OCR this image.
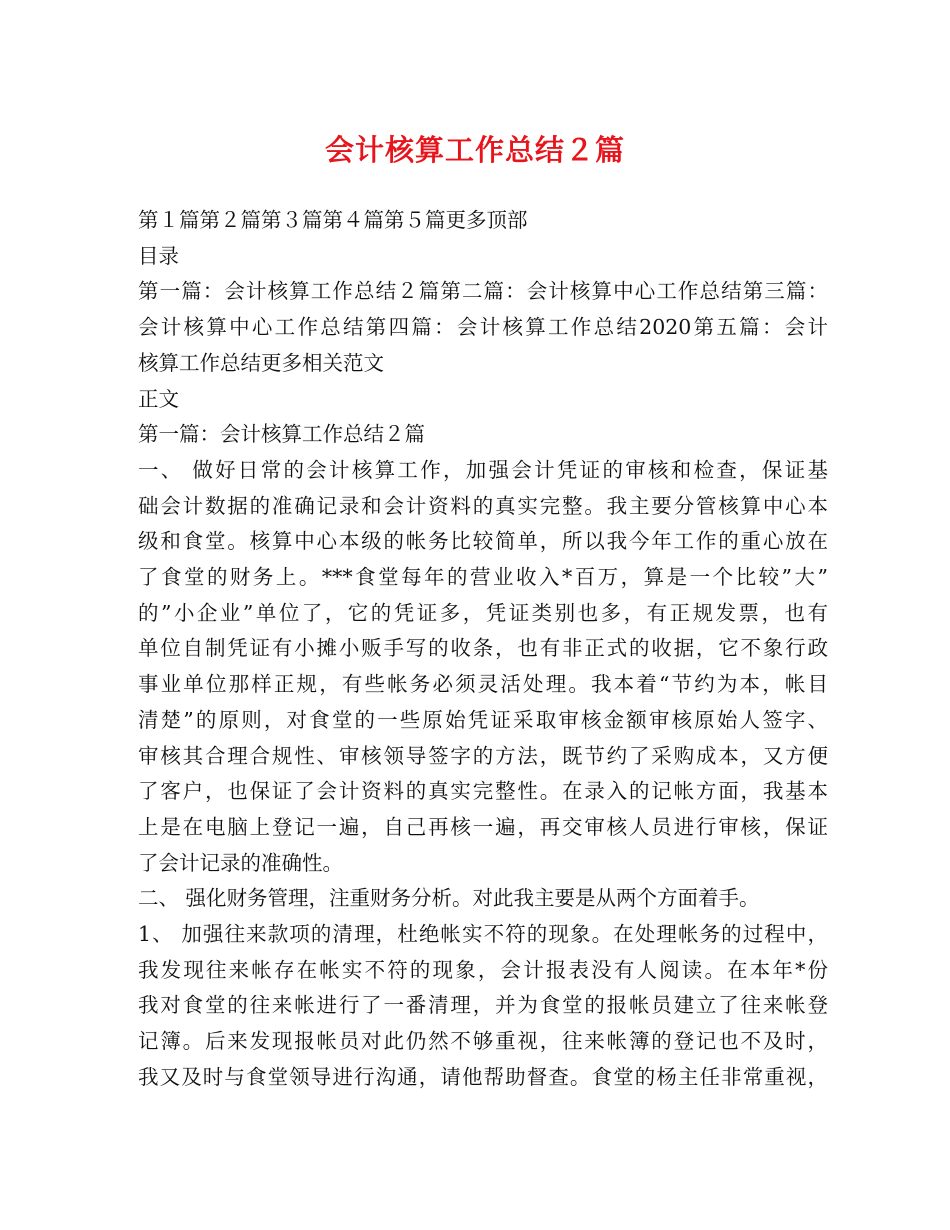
会计核算工作总结２篇
第１篇第２篇第３篇第４篇第５篇更多顶部
目录
第一篇：会计核算工作总结２篇第二篇：会计核算中心工作总结第三篇：
会计核算中心工作总结第四篇：会计核算工作总结2020第五篇：会计
核算工作总结更多相关范文
正文
第一篇：会计核算工作总结２篇
一、 做好日常的会计核算工作，加强会计凭证的审核和检查，保证基
础会计数据的准确记录和会计资料的真实完整。我主要分管核算中心本
级和食堂。核算中心本级的帐务比较简单，所以我今年工作的重心放在
了食堂的财务上。***食堂每年的营业收入*百万，算是一个比较”大”
的”小企业”单位了，它的凭证多，凭证类别也多，有正规发票，也有
单位自制凭证有小摊小贩手写的收条，也有非正式的收据，它不象行政
事业单位那样正规，有些帐务必须灵活处理。我本着“节约为本，帐目
清楚”的原则，对食堂的一些原始凭证采取审核金额审核原始人签字、
审核其合理合规性、审核领导签字的方法，既节约了采购成本，又方便
了客户，也保证了会计资料的真实完整性。在录入的记帐方面，我基本
上是在电脑上登记一遍，自己再核一遍，再交审核人员进行审核，保证
了会计记录的准确性。
二、 强化财务管理，注重财务分析。对此我主要是从两个方面着手。
1、 加强往来款项的清理，杜绝帐实不符的现象。在处理帐务的过程中，
我发现往来帐存在帐实不符的现象，会计报表没有人阅读。在本年*份
我对食堂的往来帐进行了一番清理，并为食堂的报帐员建立了往来帐登
记簿。后来发现报帐员对此仍然不够重视，往来帐簿的登记也不及时，
我又及时与食堂领导进行沟通，请他帮助督查。食堂的杨主任非常重视，
